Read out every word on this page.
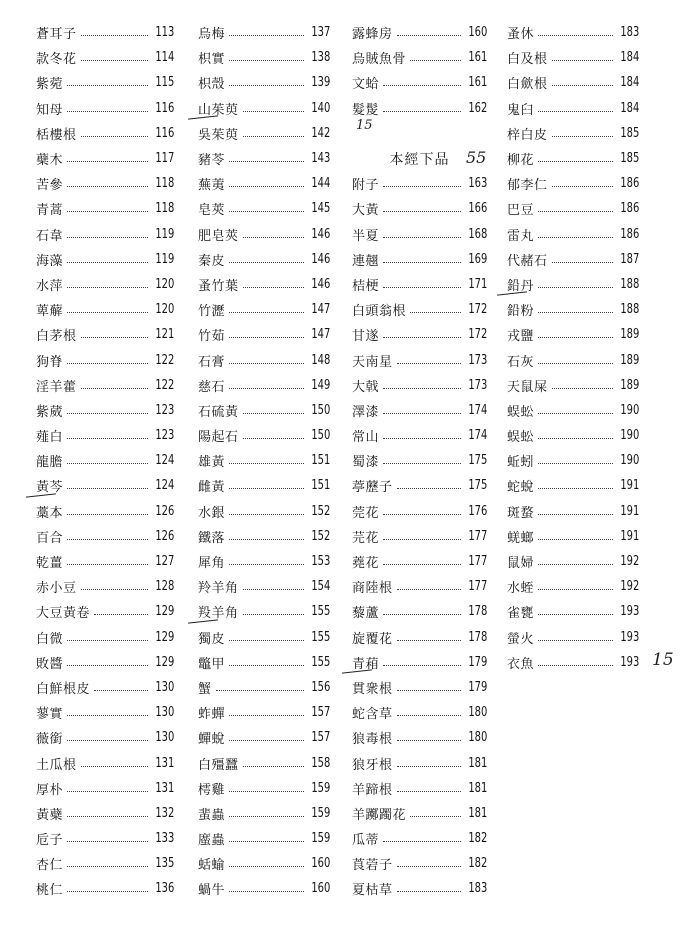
蒼耳子	113
款冬花	114
紫菀	115
知母	116
栝樓根	116
蘗木	117
苦參	118
青蒿	118
石韋	119
海藻	119
水萍	120
萆薢	120
白茅根	121
狗脊	122
淫羊藿	122
紫葳	123
薤白	123
龍膽	124
黃芩	124
藁本	126
百合	126
乾薑	127
赤小豆	128
大豆黃卷	129
白微	129
敗醬	129
白鮮根皮	130
蓼實	130
薇銜	130
土瓜根	131
厚朴	131
黃蘗	132
卮子	133
杏仁	135
桃仁	136
烏梅	137
枳實	138
枳殼	139
山茱萸	140
吳茱萸	142
豬苓	143
蕪荑	144
皂莢	145
肥皂莢	146
秦皮	146
蚤竹葉	146
竹瀝	147
竹茹	147
石膏	148
慈石	149
石硫黃	150
陽起石	150
雄黃	151
雌黃	151
水銀	152
鐵落	152
犀角	153
羚羊角	154
羖羊角	155
獨皮	155
鼈甲	155
蟹	156
蚱蟬	157
蟬蛻	157
白殭蠶	158
樗雞	159
蜚蟲	159
䗪蟲	159
蛞蝓	160
蝸牛	160
露蜂房	160
烏賊魚骨	161
文蛤	161
髮髲	162
本經下品
附子	163
大黃	166
半夏	168
連翹	169
桔梗	171
白頭翁根	172
甘遂	172
天南星	173
大戟	173
澤漆	174
常山	174
蜀漆	175
葶藶子	175
莞花	176
芫花	177
蕘花	177
商陸根	177
藜蘆	178
旋覆花	178
青葙	179
貫衆根	179
蛇含草	180
狼毒根	180
狼牙根	181
羊蹄根	181
羊躑躅花	181
瓜蒂	182
莨菪子	182
夏枯草	183
蚤休	183
白及根	184
白歛根	184
鬼臼	184
梓白皮	185
柳花	185
郁李仁	186
巴豆	186
雷丸	186
代赭石	187
鉛丹	188
鉛粉	188
戎鹽	189
石灰	189
天鼠屎	189
蜈蚣	190
蜈蚣	190
蚯蚓	190
蛇蛻	191
斑蝥	191
蜣螂	191
鼠婦	192
水蛭	192
雀甕	193
螢火	193
衣魚	193
15
55
15
